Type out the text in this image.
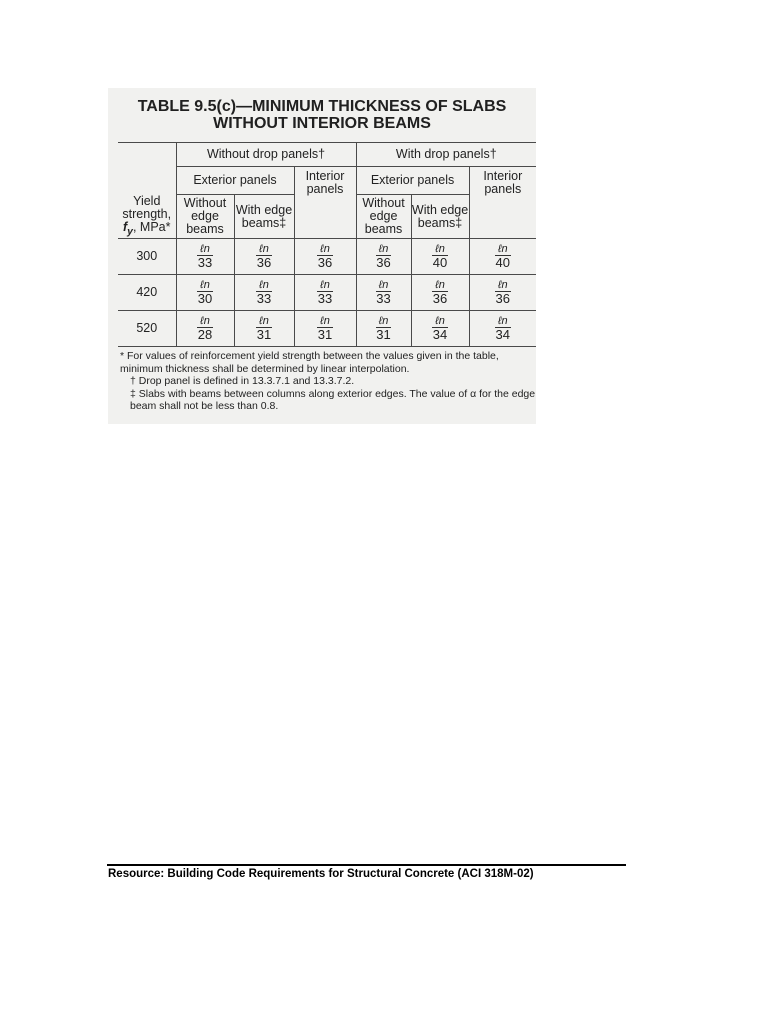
TABLE 9.5(c)—MINIMUM THICKNESS OF SLABS
WITHOUT INTERIOR BEAMS
	Without drop panels†			With drop panels†		
	Exterior panels		Interior panels	Exterior panels		Interior panels
Yield strength,
$f_y$, MPa*	Without edge beams	With edge beams‡		Without edge beams	With edge beams‡	
300	$\frac{\text{ℓn}}{33}$	$\frac{\text{ℓn}}{36}$	$\frac{\text{ℓn}}{36}$	$\frac{\text{ℓn}}{36}$	$\frac{\text{ℓn}}{40}$	$\frac{\text{ℓn}}{40}$

420	$\frac{\text{ℓn}}{30}$	$\frac{\text{ℓn}}{33}$	$\frac{\text{ℓn}}{33}$	$\frac{\text{ℓn}}{33}$	$\frac{\text{ℓn}}{36}$	$\frac{\text{ℓn}}{36}$

520	$\frac{\text{ℓn}}{28}$	$\frac{\text{ℓn}}{31}$	$\frac{\text{ℓn}}{31}$	$\frac{\text{ℓn}}{31}$	$\frac{\text{ℓn}}{34}$	$\frac{\text{ℓn}}{34}$

* For values of reinforcement yield strength between the values given in the table, minimum thickness shall be determined by linear interpolation.

† Drop panel is defined in 13.3.7.1 and 13.3.7.2.

‡ Slabs with beams between columns along exterior edges. The value of α for the edge beam shall not be less than 0.8.

Resource: Building Code Requirements for Structural Concrete (ACI 318M-02)
